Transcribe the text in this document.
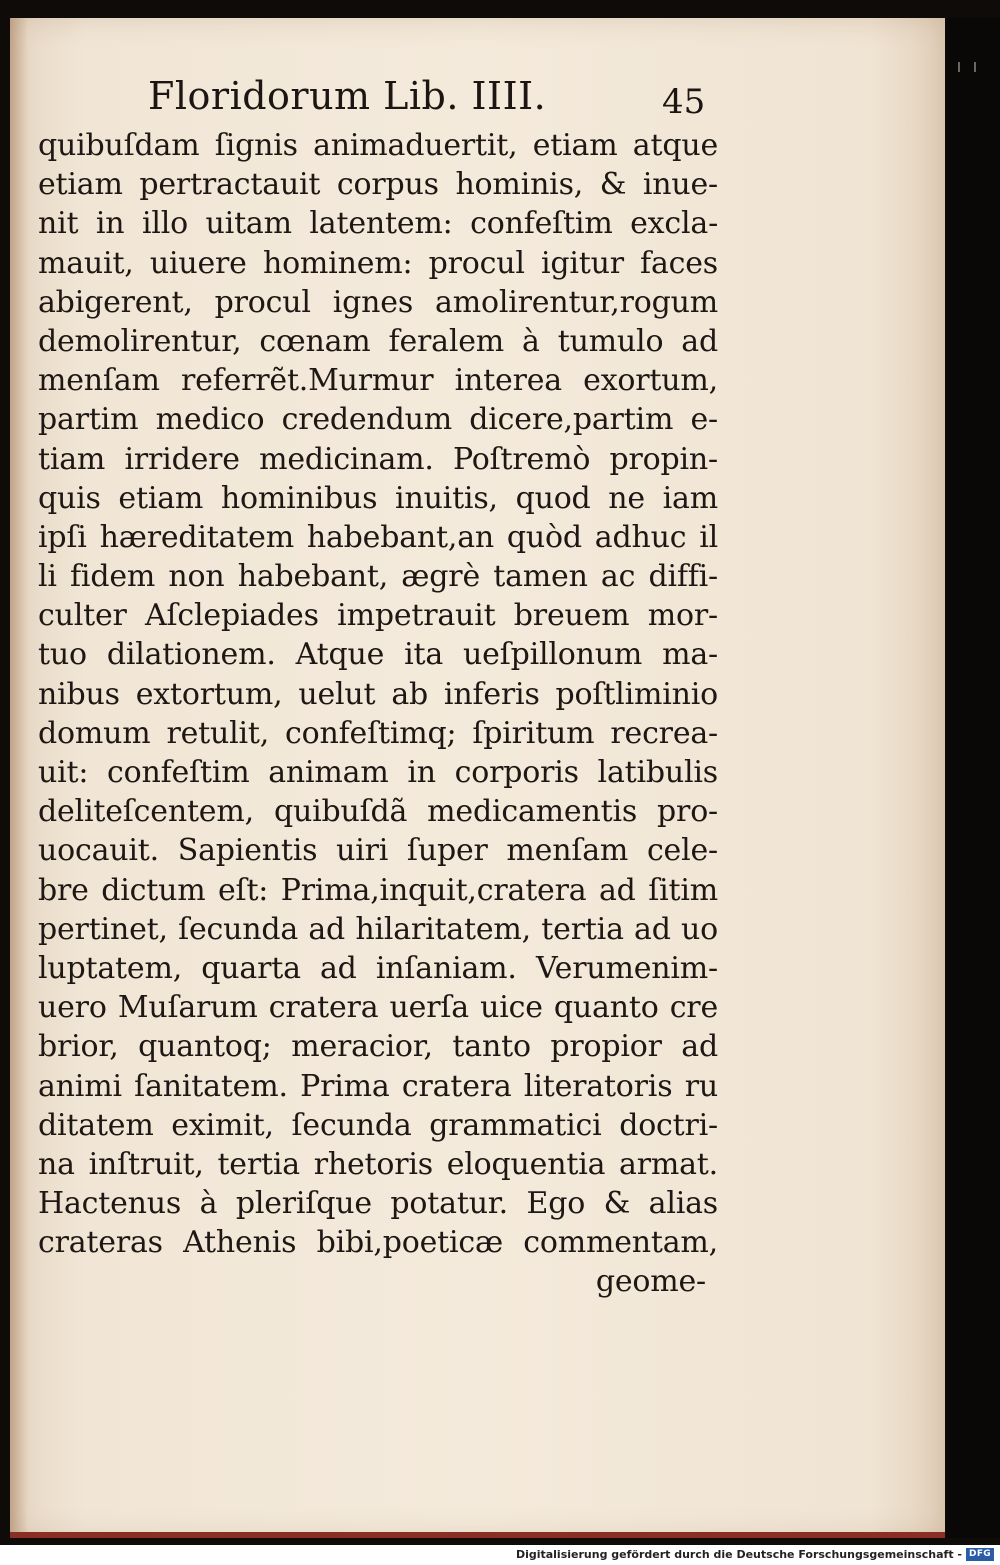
Floridorum Lib. IIII.	45
quibuſdam ſignis animaduertit, etiam atque
etiam pertractauit corpus hominis, & inue-
nit in illo uitam latentem: confeſtim excla-
mauit, uiuere hominem: procul igitur faces
abigerent, procul ignes amolirentur,rogum
demolirentur, cœnam feralem à tumulo ad
menſam referrẽt.Murmur interea exortum,
partim medico credendum dicere,partim e-
tiam irridere medicinam. Poſtremò propin-
quis etiam hominibus inuitis, quod ne iam
ipſi hæreditatem habebant,an quòd adhuc il
li fidem non habebant, ægrè tamen ac diffi-
culter Aſclepiades impetrauit breuem mor-
tuo dilationem. Atque ita ueſpillonum ma-
nibus extortum, uelut ab inferis poſtliminio
domum retulit, confeſtimq; ſpiritum recrea-
uit: confeſtim animam in corporis latibulis
deliteſcentem, quibuſdã medicamentis pro-
uocauit. Sapientis uiri ſuper menſam cele-
bre dictum eſt: Prima,inquit,cratera ad ſitim
pertinet, ſecunda ad hilaritatem, tertia ad uo
luptatem, quarta ad inſaniam. Verumenim-
uero Muſarum cratera uerſa uice quanto cre
brior, quantoq; meracior, tanto propior ad
animi ſanitatem. Prima cratera literatoris ru
ditatem eximit, ſecunda grammatici doctri-
na inſtruit, tertia rhetoris eloquentia armat.
Hactenus à pleriſque potatur. Ego & alias
crateras Athenis bibi,poeticæ commentam,
geome-
Digitalisierung gefördert durch die Deutsche Forschungsgemeinschaft - DFG
